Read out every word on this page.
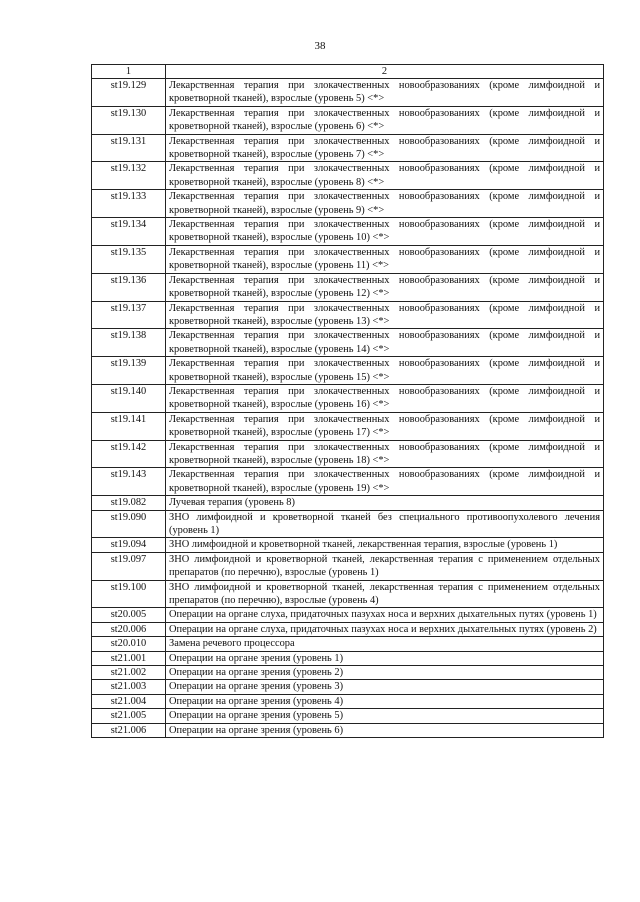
38
1	2
st19.129	Лекарственная терапия при злокачественных новообразованиях (кроме лимфоидной и кроветворной тканей), взрослые (уровень 5) <*>
st19.130	Лекарственная терапия при злокачественных новообразованиях (кроме лимфоидной и кроветворной тканей), взрослые (уровень 6) <*>
st19.131	Лекарственная терапия при злокачественных новообразованиях (кроме лимфоидной и кроветворной тканей), взрослые (уровень 7) <*>
st19.132	Лекарственная терапия при злокачественных новообразованиях (кроме лимфоидной и кроветворной тканей), взрослые (уровень 8) <*>
st19.133	Лекарственная терапия при злокачественных новообразованиях (кроме лимфоидной и кроветворной тканей), взрослые (уровень 9) <*>
st19.134	Лекарственная терапия при злокачественных новообразованиях (кроме лимфоидной и кроветворной тканей), взрослые (уровень 10) <*>
st19.135	Лекарственная терапия при злокачественных новообразованиях (кроме лимфоидной и кроветворной тканей), взрослые (уровень 11) <*>
st19.136	Лекарственная терапия при злокачественных новообразованиях (кроме лимфоидной и кроветворной тканей), взрослые (уровень 12) <*>
st19.137	Лекарственная терапия при злокачественных новообразованиях (кроме лимфоидной и кроветворной тканей), взрослые (уровень 13) <*>
st19.138	Лекарственная терапия при злокачественных новообразованиях (кроме лимфоидной и кроветворной тканей), взрослые (уровень 14) <*>
st19.139	Лекарственная терапия при злокачественных новообразованиях (кроме лимфоидной и кроветворной тканей), взрослые (уровень 15) <*>
st19.140	Лекарственная терапия при злокачественных новообразованиях (кроме лимфоидной и кроветворной тканей), взрослые (уровень 16) <*>
st19.141	Лекарственная терапия при злокачественных новообразованиях (кроме лимфоидной и кроветворной тканей), взрослые (уровень 17) <*>
st19.142	Лекарственная терапия при злокачественных новообразованиях (кроме лимфоидной и кроветворной тканей), взрослые (уровень 18) <*>
st19.143	Лекарственная терапия при злокачественных новообразованиях (кроме лимфоидной и кроветворной тканей), взрослые (уровень 19) <*>
st19.082	Лучевая терапия (уровень 8)
st19.090	ЗНО лимфоидной и кроветворной тканей без специального противоопухолевого лечения (уровень 1)
st19.094	ЗНО лимфоидной и кроветворной тканей, лекарственная терапия, взрослые (уровень 1)
st19.097	ЗНО лимфоидной и кроветворной тканей, лекарственная терапия с применением отдельных препаратов (по перечню), взрослые (уровень 1)
st19.100	ЗНО лимфоидной и кроветворной тканей, лекарственная терапия с применением отдельных препаратов (по перечню), взрослые (уровень 4)
st20.005	Операции на органе слуха, придаточных пазухах носа и верхних дыхательных путях (уровень 1)
st20.006	Операции на органе слуха, придаточных пазухах носа и верхних дыхательных путях (уровень 2)
st20.010	Замена речевого процессора
st21.001	Операции на органе зрения (уровень 1)
st21.002	Операции на органе зрения (уровень 2)
st21.003	Операции на органе зрения (уровень 3)
st21.004	Операции на органе зрения (уровень 4)
st21.005	Операции на органе зрения (уровень 5)
st21.006	Операции на органе зрения (уровень 6)
